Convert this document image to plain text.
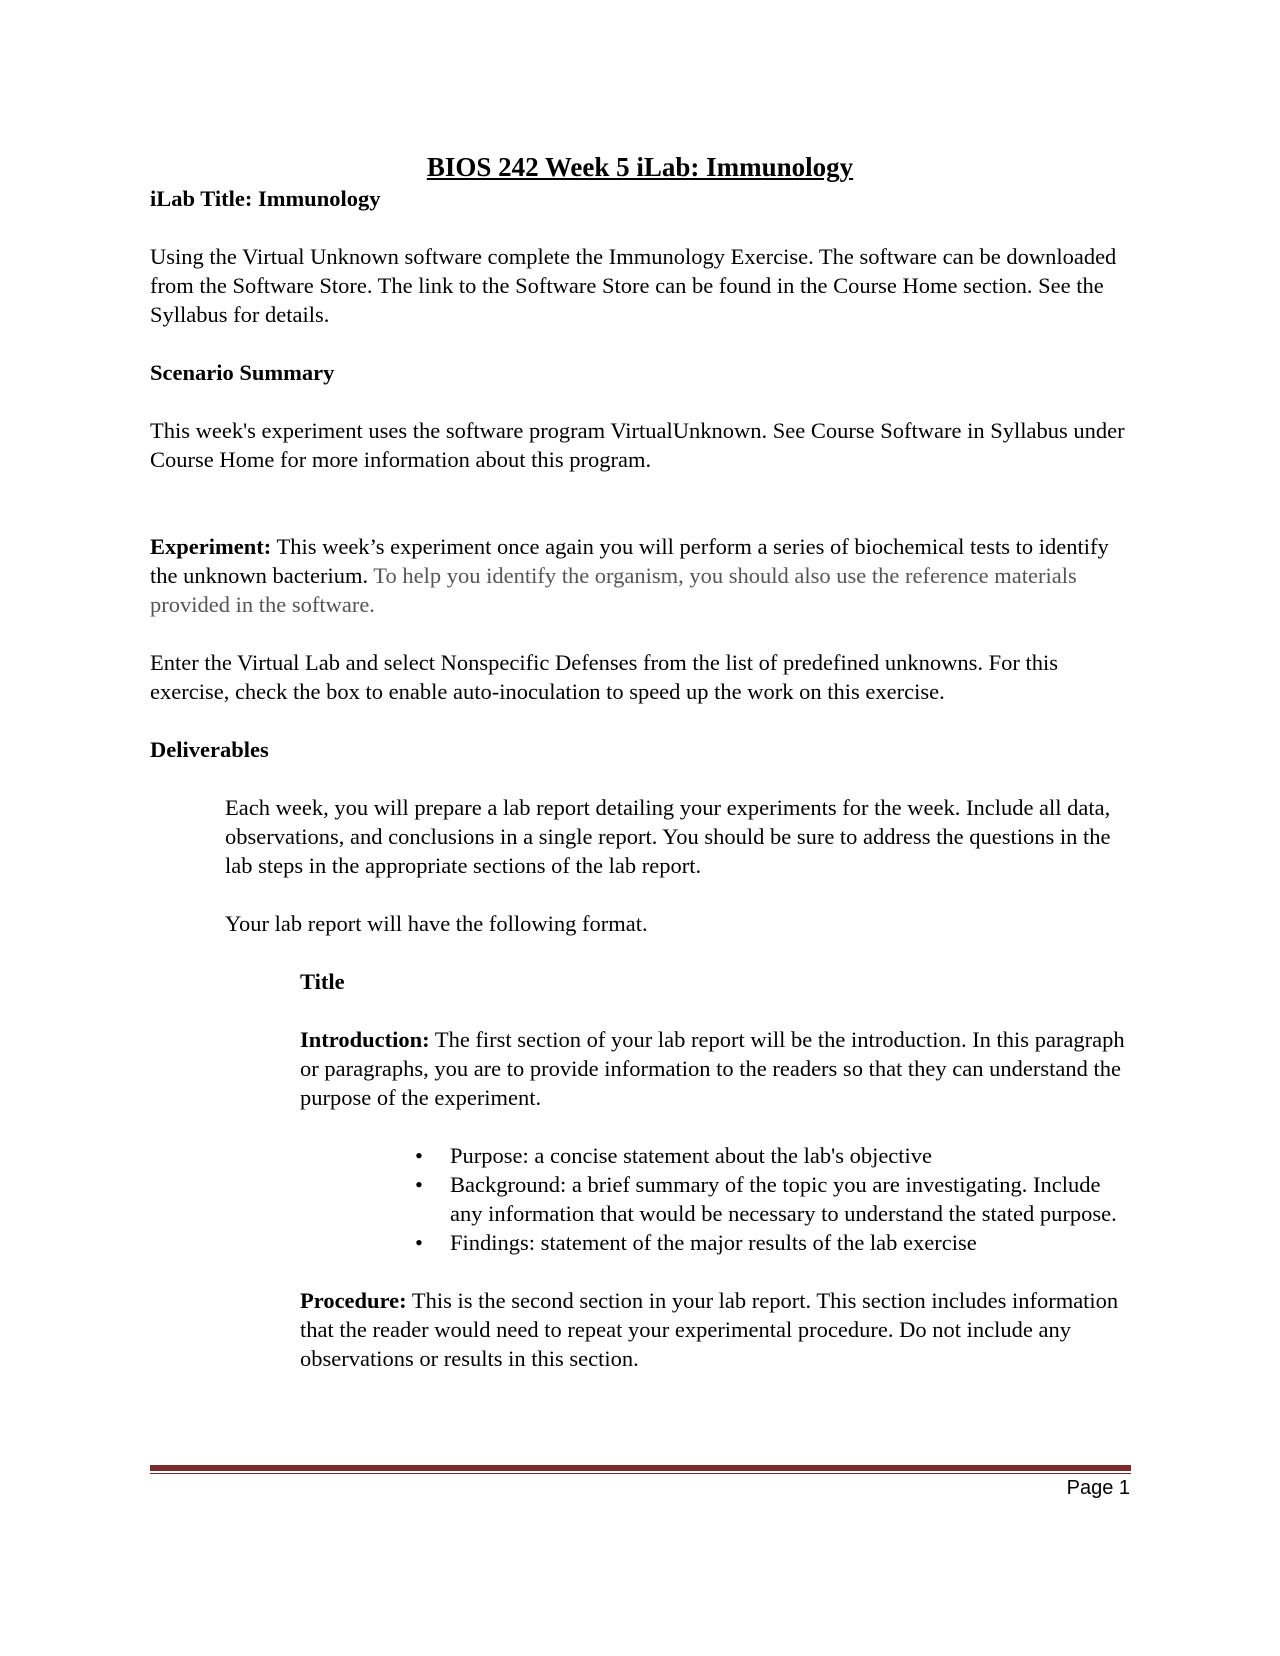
BIOS 242 Week 5 iLab: Immunology

iLab Title: Immunology

Using the Virtual Unknown software complete the Immunology Exercise. The software can be downloaded from the Software Store. The link to the Software Store can be found in the Course Home section. See the Syllabus for details.

Scenario Summary

This week's experiment uses the software program VirtualUnknown. See Course Software in Syllabus under Course Home for more information about this program.

Experiment: This week’s experiment once again you will perform a series of biochemical tests to identify the unknown bacterium. To help you identify the organism, you should also use the reference materials provided in the software.

Enter the Virtual Lab and select Nonspecific Defenses from the list of predefined unknowns. For this exercise, check the box to enable auto-inoculation to speed up the work on this exercise.

Deliverables

Each week, you will prepare a lab report detailing your experiments for the week. Include all data, observations, and conclusions in a single report. You should be sure to address the questions in the lab steps in the appropriate sections of the lab report.

Your lab report will have the following format.

Title

Introduction: The first section of your lab report will be the introduction. In this paragraph or paragraphs, you are to provide information to the readers so that they can understand the purpose of the experiment.

• Purpose: a concise statement about the lab's objective
• Background: a brief summary of the topic you are investigating. Include any information that would be necessary to understand the stated purpose.
• Findings: statement of the major results of the lab exercise

Procedure: This is the second section in your lab report. This section includes information that the reader would need to repeat your experimental procedure. Do not include any observations or results in this section.

Page 1
